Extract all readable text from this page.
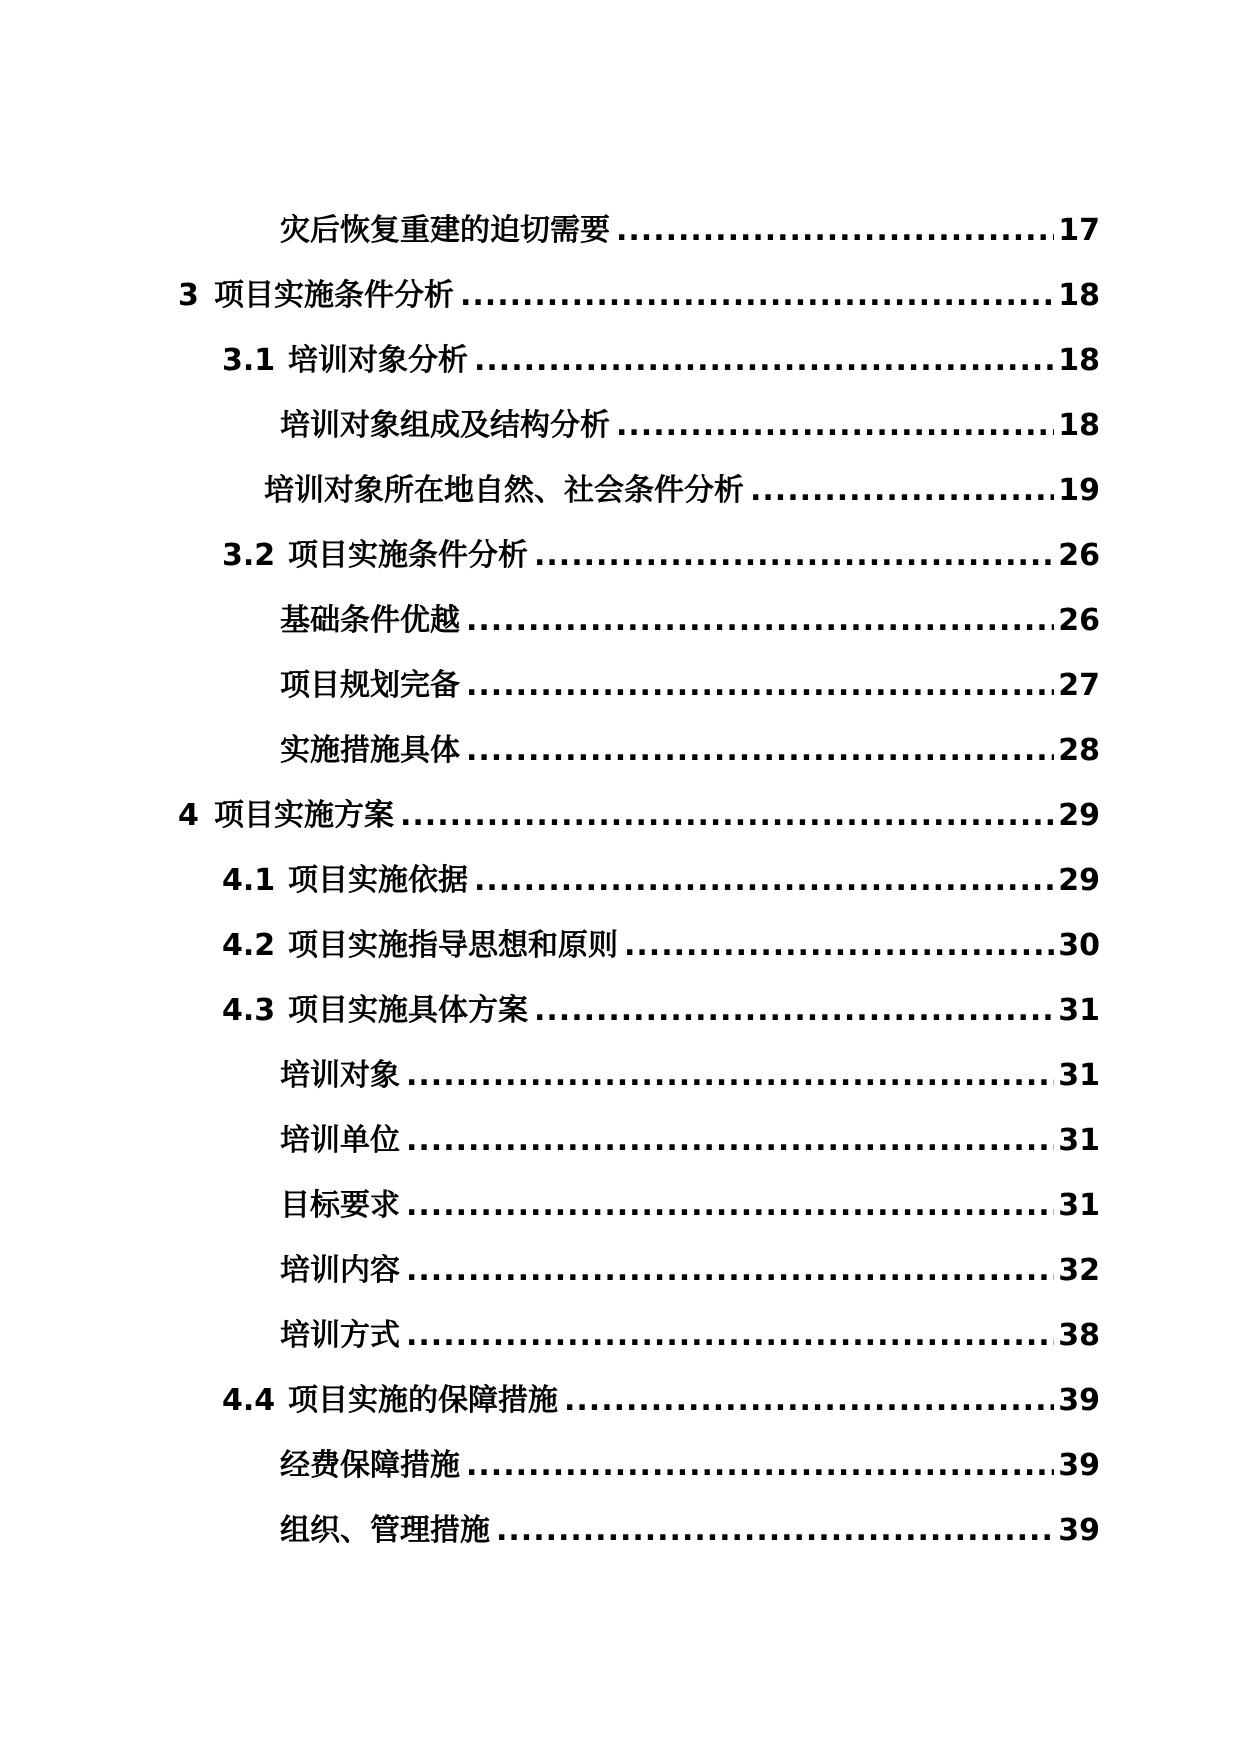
灾后恢复重建的迫切需要 .....	17
3 项目实施条件分析 .....	18
3.1 培训对象分析 .....	18
培训对象组成及结构分析 .....	18
培训对象所在地自然、社会条件分析 .....	19
3.2 项目实施条件分析 .....	26
基础条件优越 .....	26
项目规划完备 .....	27
实施措施具体 .....	28
4 项目实施方案 .....	29
4.1 项目实施依据 .....	29
4.2 项目实施指导思想和原则 .....	30
4.3 项目实施具体方案 .....	31
培训对象 .....	31
培训单位 .....	31
目标要求 .....	31
培训内容 .....	32
培训方式 .....	38
4.4 项目实施的保障措施 .....	39
经费保障措施 .....	39
组织、管理措施 .....	39
